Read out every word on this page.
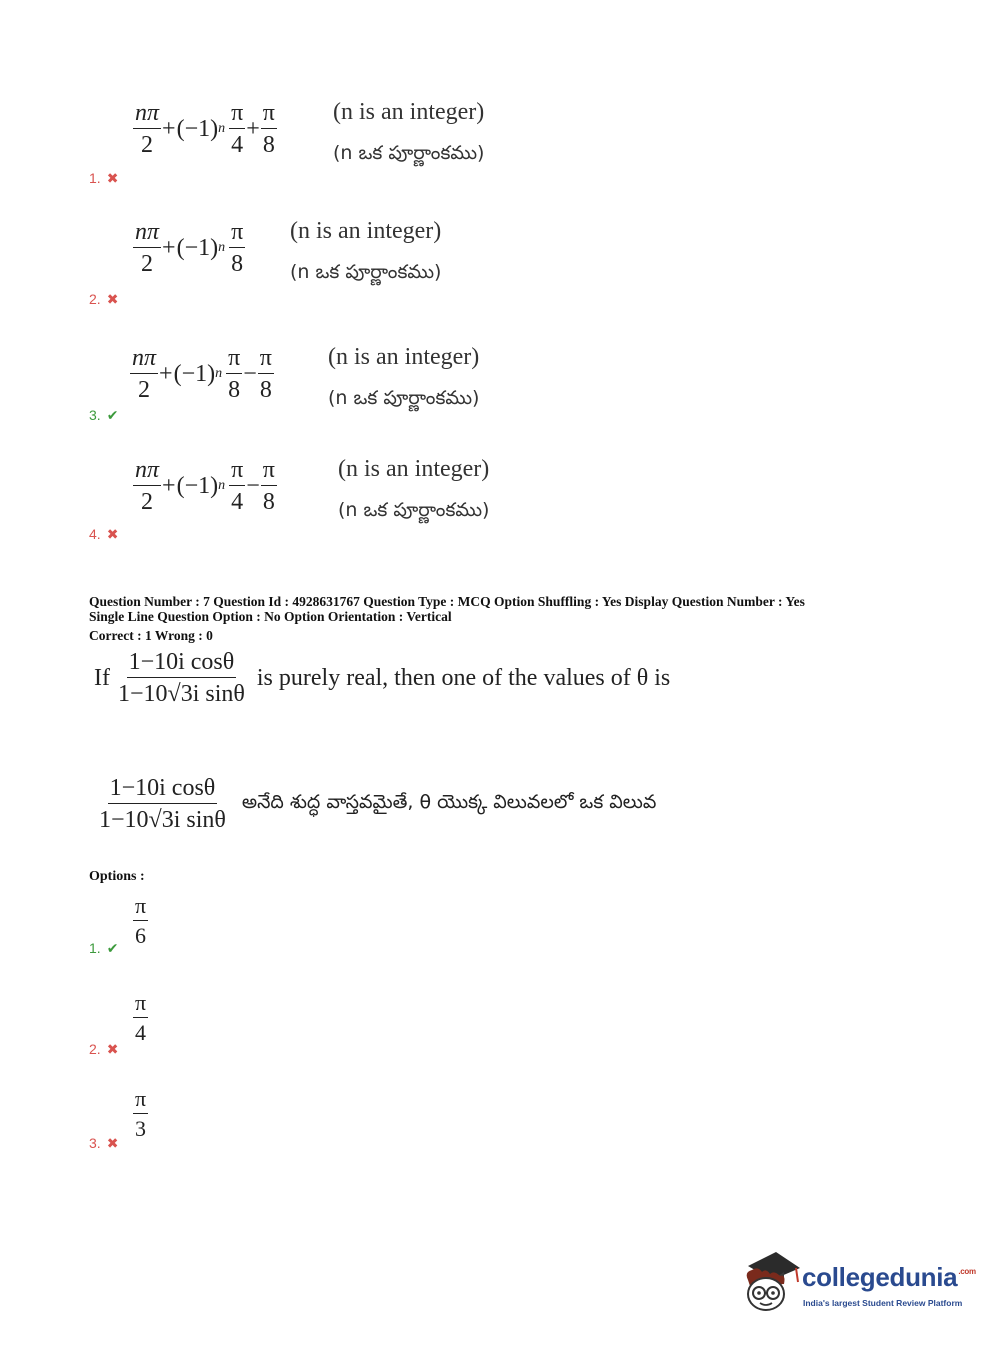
$\frac{n\pi}{2} + (-1)$ n $\frac{\pi}{4} + \frac{\pi}{8} (n$ is an integer)
(n ఒక పూర్ణాంకము)
1. ✖
$\frac{n\pi}{2} + (-1)$ n $\frac{\pi}{8} (n$ is an integer)
(n ఒక పూర్ణాంకము)
2. ✖
$\frac{n\pi}{2} + (-1)$ n $\frac{\pi}{8} - \frac{\pi}{8} (n$ is an integer)
(n ఒక పూర్ణాంకము)
3. ✔
$\frac{n\pi}{2} + (-1)$ n $\frac{\pi}{4} - \frac{\pi}{8}$	(n is an integer)
(n ఒక పూర్ణాంకము)
4. ✖
Question Number : 7 Question Id : 4928631767 Question Type : MCQ Option Shuffling : Yes Display Question Number : Yes
Single Line Question Option : No Option Orientation : Vertical
Correct : 1 Wrong : 0
If $\frac{\text{1−10i cosθ}}{\text{1−10√3i sinθ}}$ is purely real, then one of the values of θ is
$\frac{\text{1−10i cosθ}}{\text{1−10√3i sinθ}}$ అనేది శుద్ధ వాస్తవమైతే, θ యొక్క విలువలలో ఒక విలువ
Options :
$\frac{\pi}{6}$
1. ✔
$\frac{\pi}{4}$
2. ✖
$\frac{\pi}{3}$
3. ✖
collegedunia$^{.com}$
India's largest Student Review Platform
